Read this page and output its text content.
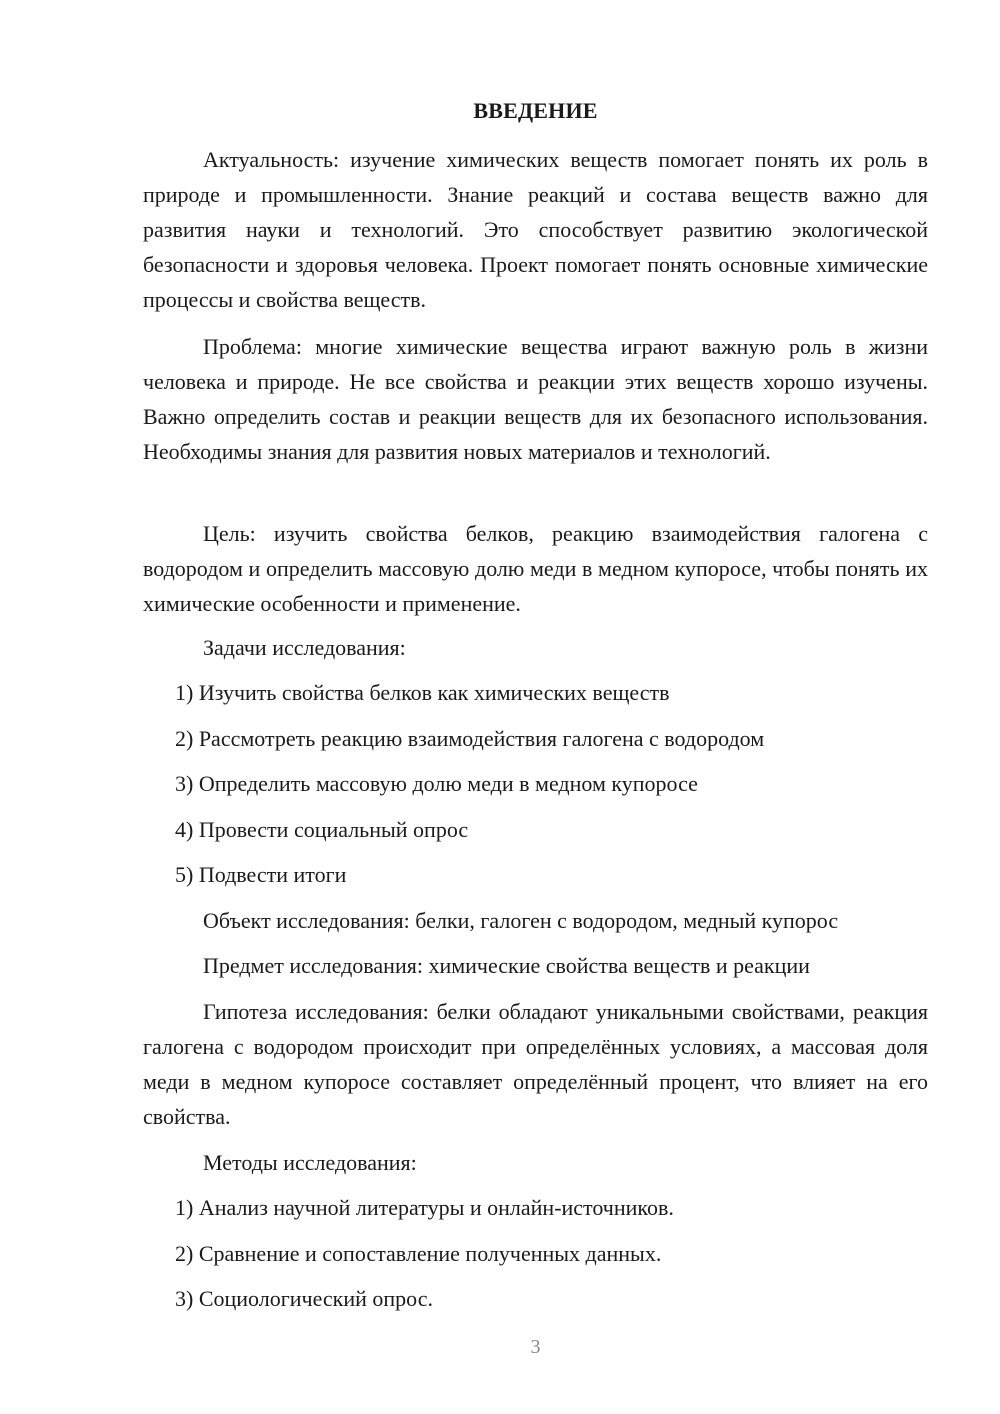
ВВЕДЕНИЕ

Актуальность: изучение химических веществ помогает понять их роль в природе и промышленности. Знание реакций и состава веществ важно для развития науки и технологий. Это способствует развитию экологической безопасности и здоровья человека. Проект помогает понять основные химические процессы и свойства веществ.

Проблема: многие химические вещества играют важную роль в жизни человека и природе. Не все свойства и реакции этих веществ хорошо изучены. Важно определить состав и реакции веществ для их безопасного использования. Необходимы знания для развития новых материалов и технологий.

Цель: изучить свойства белков, реакцию взаимодействия галогена с водородом и определить массовую долю меди в медном купоросе, чтобы понять их химические особенности и применение.

Задачи исследования:

1) Изучить свойства белков как химических веществ

2) Рассмотреть реакцию взаимодействия галогена с водородом

3) Определить массовую долю меди в медном купоросе

4) Провести социальный опрос

5) Подвести итоги

Объект исследования: белки, галоген с водородом, медный купорос

Предмет исследования: химические свойства веществ и реакции

Гипотеза исследования: белки обладают уникальными свойствами, реакция галогена с водородом происходит при определённых условиях, а массовая доля меди в медном купоросе составляет определённый процент, что влияет на его свойства.

Методы исследования:

1) Анализ научной литературы и онлайн-источников.

2) Сравнение и сопоставление полученных данных.

3) Социологический опрос.

3
